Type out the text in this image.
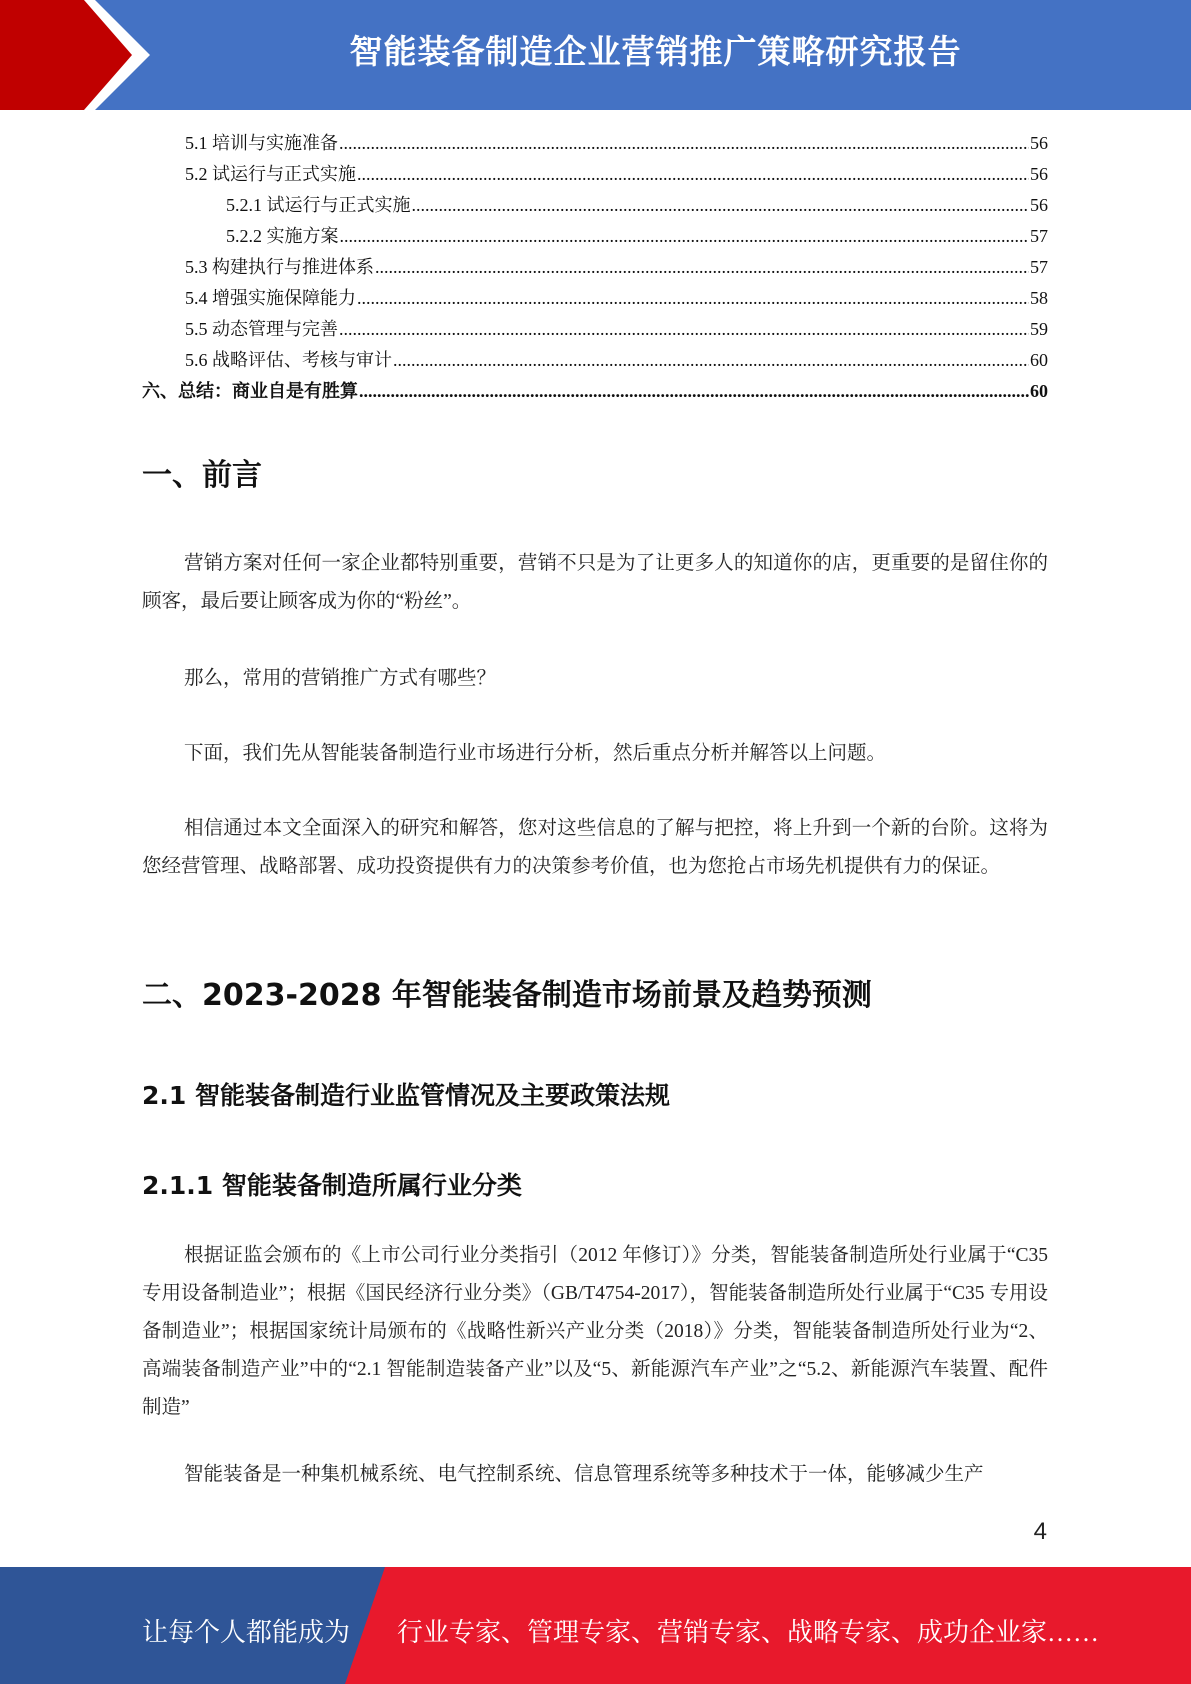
智能装备制造企业营销推广策略研究报告
5.1 培训与实施准备 .....	56
5.2 试运行与正式实施 .....	56
5.2.1 试运行与正式实施 .....	56
5.2.2 实施方案 .....	57
5.3 构建执行与推进体系 .....	57
5.4 增强实施保障能力 .....	58
5.5 动态管理与完善 .....	59
5.6 战略评估、考核与审计 .....	60
六、总结：商业自是有胜算 .....	60
一、前言
营销方案对任何一家企业都特别重要，营销不只是为了让更多人的知道你的店，更重要的是留住你的顾客，最后要让顾客成为你的“粉丝”。
那么，常用的营销推广方式有哪些？
下面，我们先从智能装备制造行业市场进行分析，然后重点分析并解答以上问题。
相信通过本文全面深入的研究和解答，您对这些信息的了解与把控，将上升到一个新的台阶。这将为您经营管理、战略部署、成功投资提供有力的决策参考价值，也为您抢占市场先机提供有力的保证。
二、2023-2028 年智能装备制造市场前景及趋势预测
2.1 智能装备制造行业监管情况及主要政策法规
2.1.1 智能装备制造所属行业分类
根据证监会颁布的《上市公司行业分类指引（2012 年修订）》分类，智能装备制造所处行业属于“C35 专用设备制造业”；根据《国民经济行业分类》（GB/T4754-2017），智能装备制造所处行业属于“C35 专用设备制造业”；根据国家统计局颁布的《战略性新兴产业分类（2018）》分类，智能装备制造所处行业为“2、高端装备制造产业”中的“2.1 智能制造装备产业”以及“5、新能源汽车产业”之“5.2、新能源汽车装置、配件制造”
智能装备是一种集机械系统、电气控制系统、信息管理系统等多种技术于一体，能够减少生产
4
让每个人都能成为 行业专家、管理专家、营销专家、战略专家、成功企业家……
